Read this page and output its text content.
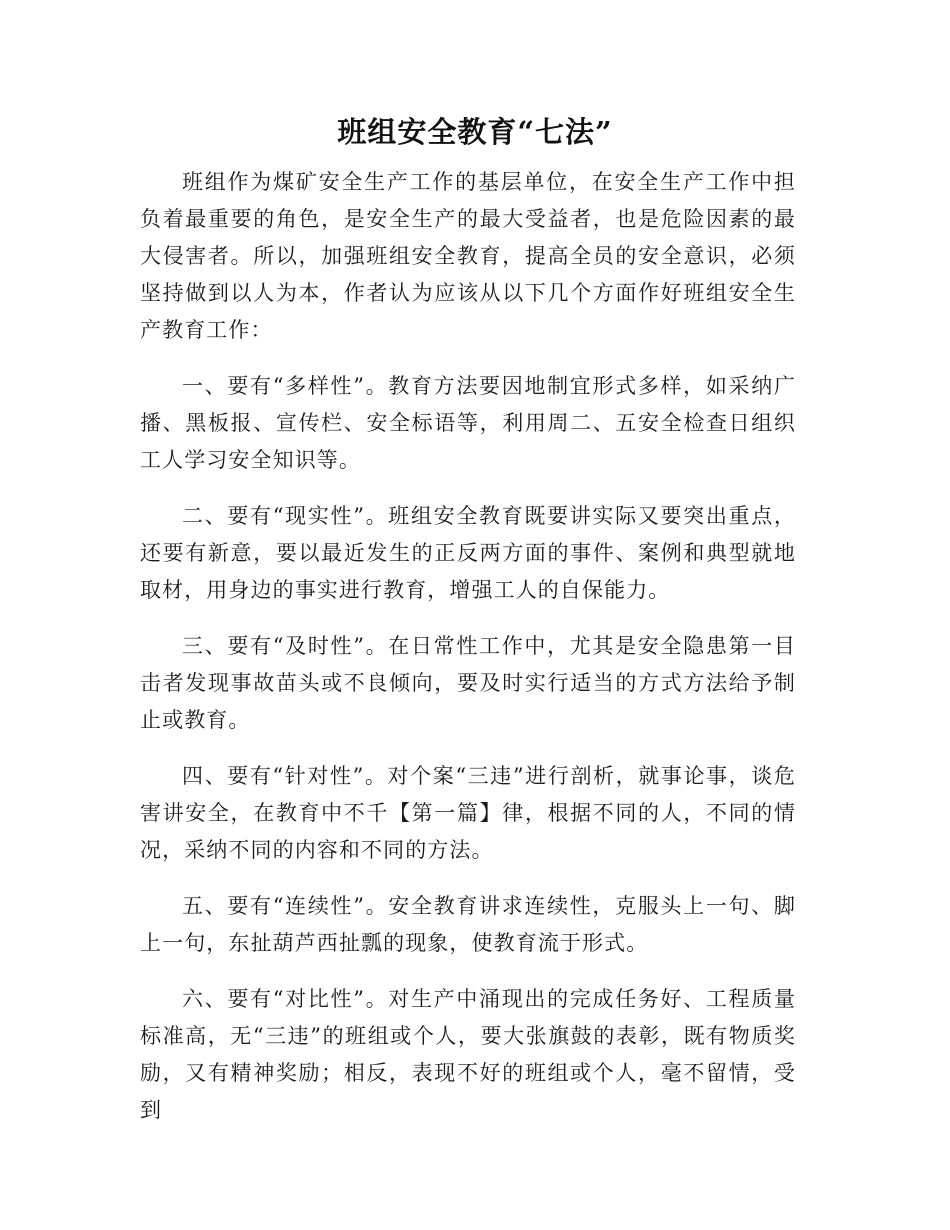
班组安全教育“七法”

班组作为煤矿安全生产工作的基层单位，在安全生产工作中担负着最重要的角色，是安全生产的最大受益者，也是危险因素的最大侵害者。所以，加强班组安全教育，提高全员的安全意识，必须坚持做到以人为本，作者认为应该从以下几个方面作好班组安全生产教育工作：

一、要有“多样性”。教育方法要因地制宜形式多样，如采纳广播、黑板报、宣传栏、安全标语等，利用周二、五安全检查日组织工人学习安全知识等。

二、要有“现实性”。班组安全教育既要讲实际又要突出重点，还要有新意，要以最近发生的正反两方面的事件、案例和典型就地取材，用身边的事实进行教育，增强工人的自保能力。

三、要有“及时性”。在日常性工作中，尤其是安全隐患第一目击者发现事故苗头或不良倾向，要及时实行适当的方式方法给予制止或教育。

四、要有“针对性”。对个案“三违”进行剖析，就事论事，谈危害讲安全，在教育中不千【第一篇】律，根据不同的人，不同的情况，采纳不同的内容和不同的方法。

五、要有“连续性”。安全教育讲求连续性，克服头上一句、脚上一句，东扯葫芦西扯瓢的现象，使教育流于形式。

六、要有“对比性”。对生产中涌现出的完成任务好、工程质量标准高，无“三违”的班组或个人，要大张旗鼓的表彰，既有物质奖励，又有精神奖励；相反，表现不好的班组或个人，毫不留情，受到
